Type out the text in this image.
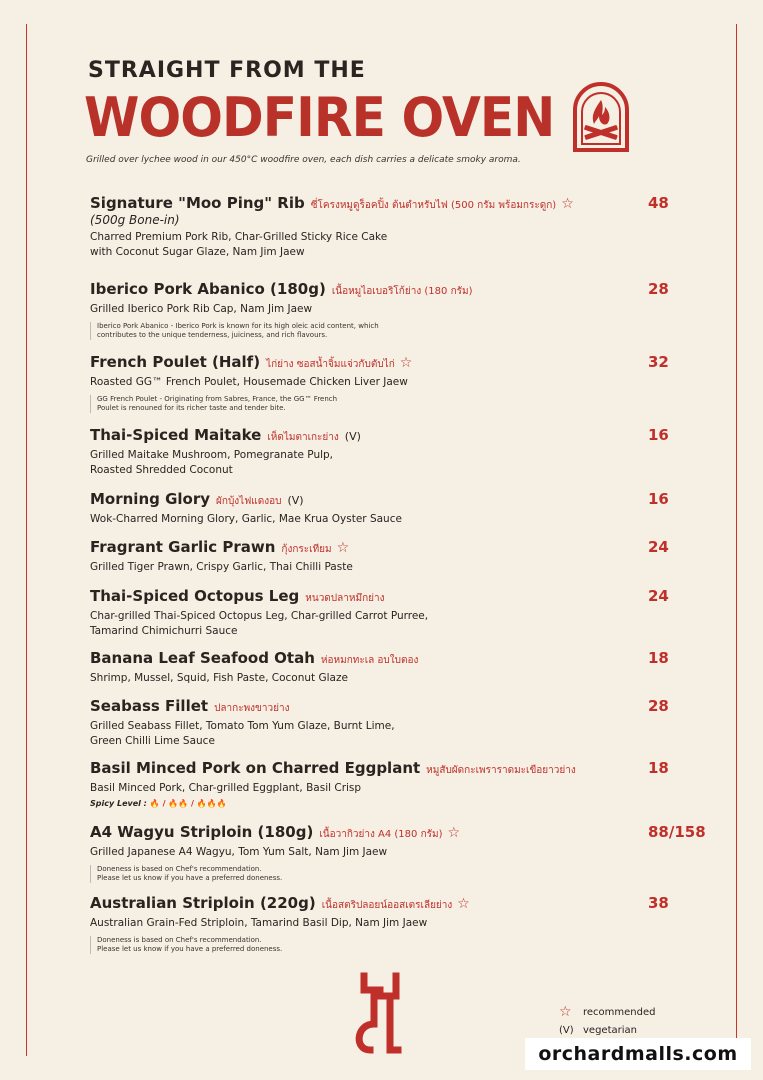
STRAIGHT FROM THE
WOODFIRE OVEN
Grilled over lychee wood in our 450°C woodfire oven, each dish carries a delicate smoky aroma.
Signature "Moo Ping" Rib ซี่โครงหมูดูร็อคปิ้ง ต้นตำหรับไฟ (500 กรัม พร้อมกระดูก) ☆
(500g Bone-in)
Charred Premium Pork Rib, Char-Grilled Sticky Rice Cake
with Coconut Sugar Glaze, Nam Jim Jaew
48
Iberico Pork Abanico (180g) เนื้อหมูไอเบอริโก้ย่าง (180 กรัม)
Grilled Iberico Pork Rib Cap, Nam Jim Jaew
Iberico Pork Abanico - Iberico Pork is known for its high oleic acid content, which
contributes to the unique tenderness, juiciness, and rich flavours.
28
French Poulet (Half) ไก่ย่าง ซอสน้ำจิ้มแจ่วกับตับไก่ ☆
Roasted GG™ French Poulet, Housemade Chicken Liver Jaew
GG French Poulet - Originating from Sabres, France, the GG™ French
Poulet is renouned for its richer taste and tender bite.
32
Thai-Spiced Maitake เห็ดไมตาเกะย่าง (V)
Grilled Maitake Mushroom, Pomegranate Pulp,
Roasted Shredded Coconut
16
Morning Glory ผักบุ้งไฟแดงอบ (V)
Wok-Charred Morning Glory, Garlic, Mae Krua Oyster Sauce
16
Fragrant Garlic Prawn กุ้งกระเทียม ☆
Grilled Tiger Prawn, Crispy Garlic, Thai Chilli Paste
24
Thai-Spiced Octopus Leg หนวดปลาหมึกย่าง
Char-grilled Thai-Spiced Octopus Leg, Char-grilled Carrot Purree,
Tamarind Chimichurri Sauce
24
Banana Leaf Seafood Otah ห่อหมกทะเล อบใบตอง
Shrimp, Mussel, Squid, Fish Paste, Coconut Glaze
18
Seabass Fillet ปลากะพงขาวย่าง
Grilled Seabass Fillet, Tomato Tom Yum Glaze, Burnt Lime,
Green Chilli Lime Sauce
28
Basil Minced Pork on Charred Eggplant หมูสับผัดกะเพราราดมะเขือยาวย่าง
Basil Minced Pork, Char-grilled Eggplant, Basil Crisp
Spicy Level : 🔥 / 🔥🔥 / 🔥🔥🔥
18
A4 Wagyu Striploin (180g) เนื้อวากิวย่าง A4 (180 กรัม) ☆
Grilled Japanese A4 Wagyu, Tom Yum Salt, Nam Jim Jaew
Doneness is based on Chef's recommendation.
Please let us know if you have a preferred doneness.
88/158
Australian Striploin (220g) เนื้อสตริปลอยน์ออสเตรเลียย่าง ☆
Australian Grain-Fed Striploin, Tamarind Basil Dip, Nam Jim Jaew
Doneness is based on Chef's recommendation.
Please let us know if you have a preferred doneness.
38
☆	recommended
(V) vegetarian
orchardmalls.com
